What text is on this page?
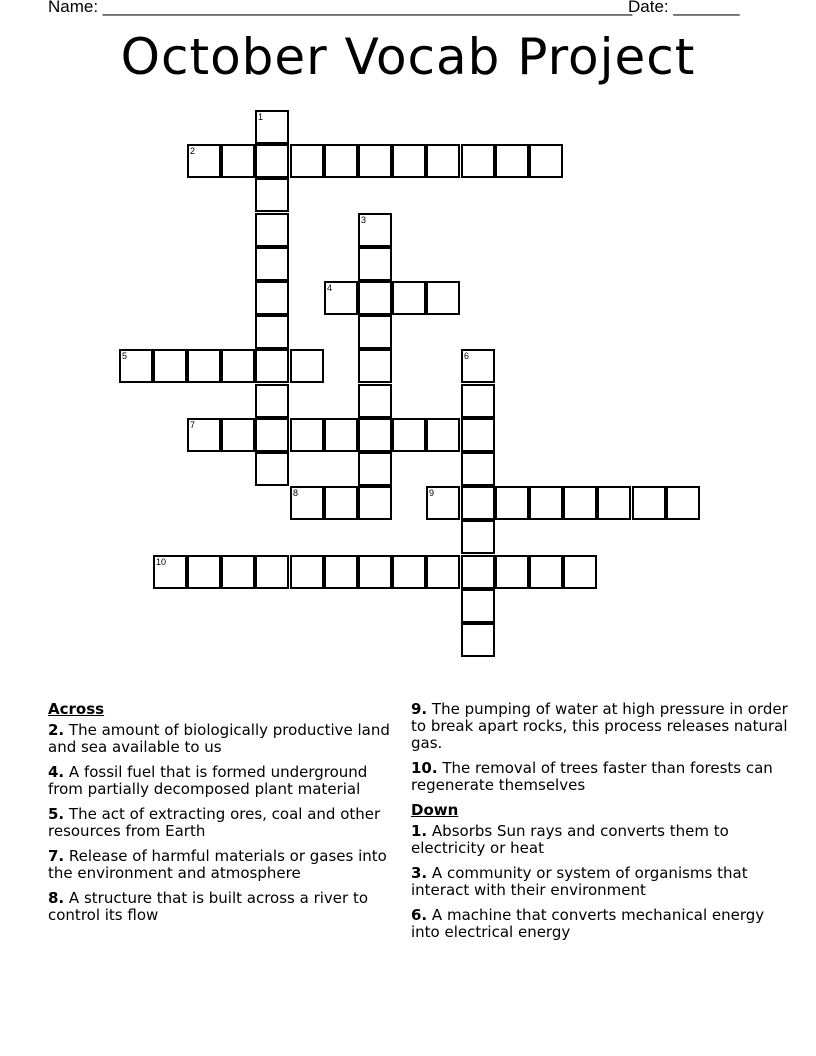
Name: ________________________________________________________
Date: _______
October Vocab Project
1
2
3
4
5	6
7
8	9
10
Across
2. The amount of biologically productive land and sea available to us
4. A fossil fuel that is formed underground from partially decomposed plant material
5. The act of extracting ores, coal and other resources from Earth
7. Release of harmful materials or gases into the environment and atmosphere
8. A structure that is built across a river to control its flow
9. The pumping of water at high pressure in order to break apart rocks, this process releases natural gas.
10. The removal of trees faster than forests can regenerate themselves
Down
1. Absorbs Sun rays and converts them to electricity or heat
3. A community or system of organisms that interact with their environment
6. A machine that converts mechanical energy into electrical energy
